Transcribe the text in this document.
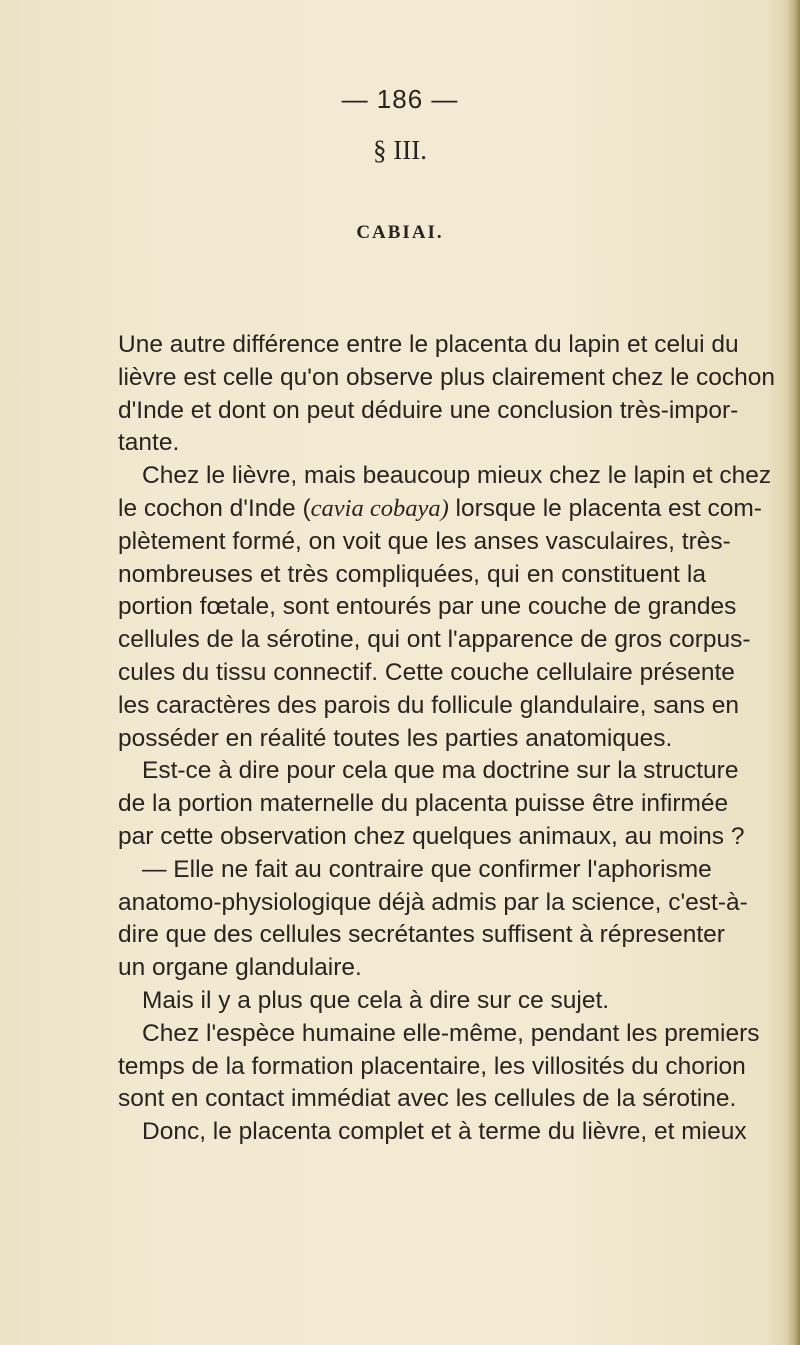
— 186 —
§ III.
CABIAI.
Une autre différence entre le placenta du lapin et celui du
lièvre est celle qu'on observe plus clairement chez le cochon
d'Inde et dont on peut déduire une conclusion très-impor-
tante.
Chez le lièvre, mais beaucoup mieux chez le lapin et chez
le cochon d'Inde (cavia cobaya) lorsque le placenta est com-
plètement formé, on voit que les anses vasculaires, très-
nombreuses et très compliquées, qui en constituent la
portion fœtale, sont entourés par une couche de grandes
cellules de la sérotine, qui ont l'apparence de gros corpus-
cules du tissu connectif. Cette couche cellulaire présente
les caractères des parois du follicule glandulaire, sans en
posséder en réalité toutes les parties anatomiques.
Est-ce à dire pour cela que ma doctrine sur la structure
de la portion maternelle du placenta puisse être infirmée
par cette observation chez quelques animaux, au moins ?
— Elle ne fait au contraire que confirmer l'aphorisme
anatomo-physiologique déjà admis par la science, c'est-à-
dire que des cellules secrétantes suffisent à répresenter
un organe glandulaire.
Mais il y a plus que cela à dire sur ce sujet.
Chez l'espèce humaine elle-même, pendant les premiers
temps de la formation placentaire, les villosités du chorion
sont en contact immédiat avec les cellules de la sérotine.
Donc, le placenta complet et à terme du lièvre, et mieux
